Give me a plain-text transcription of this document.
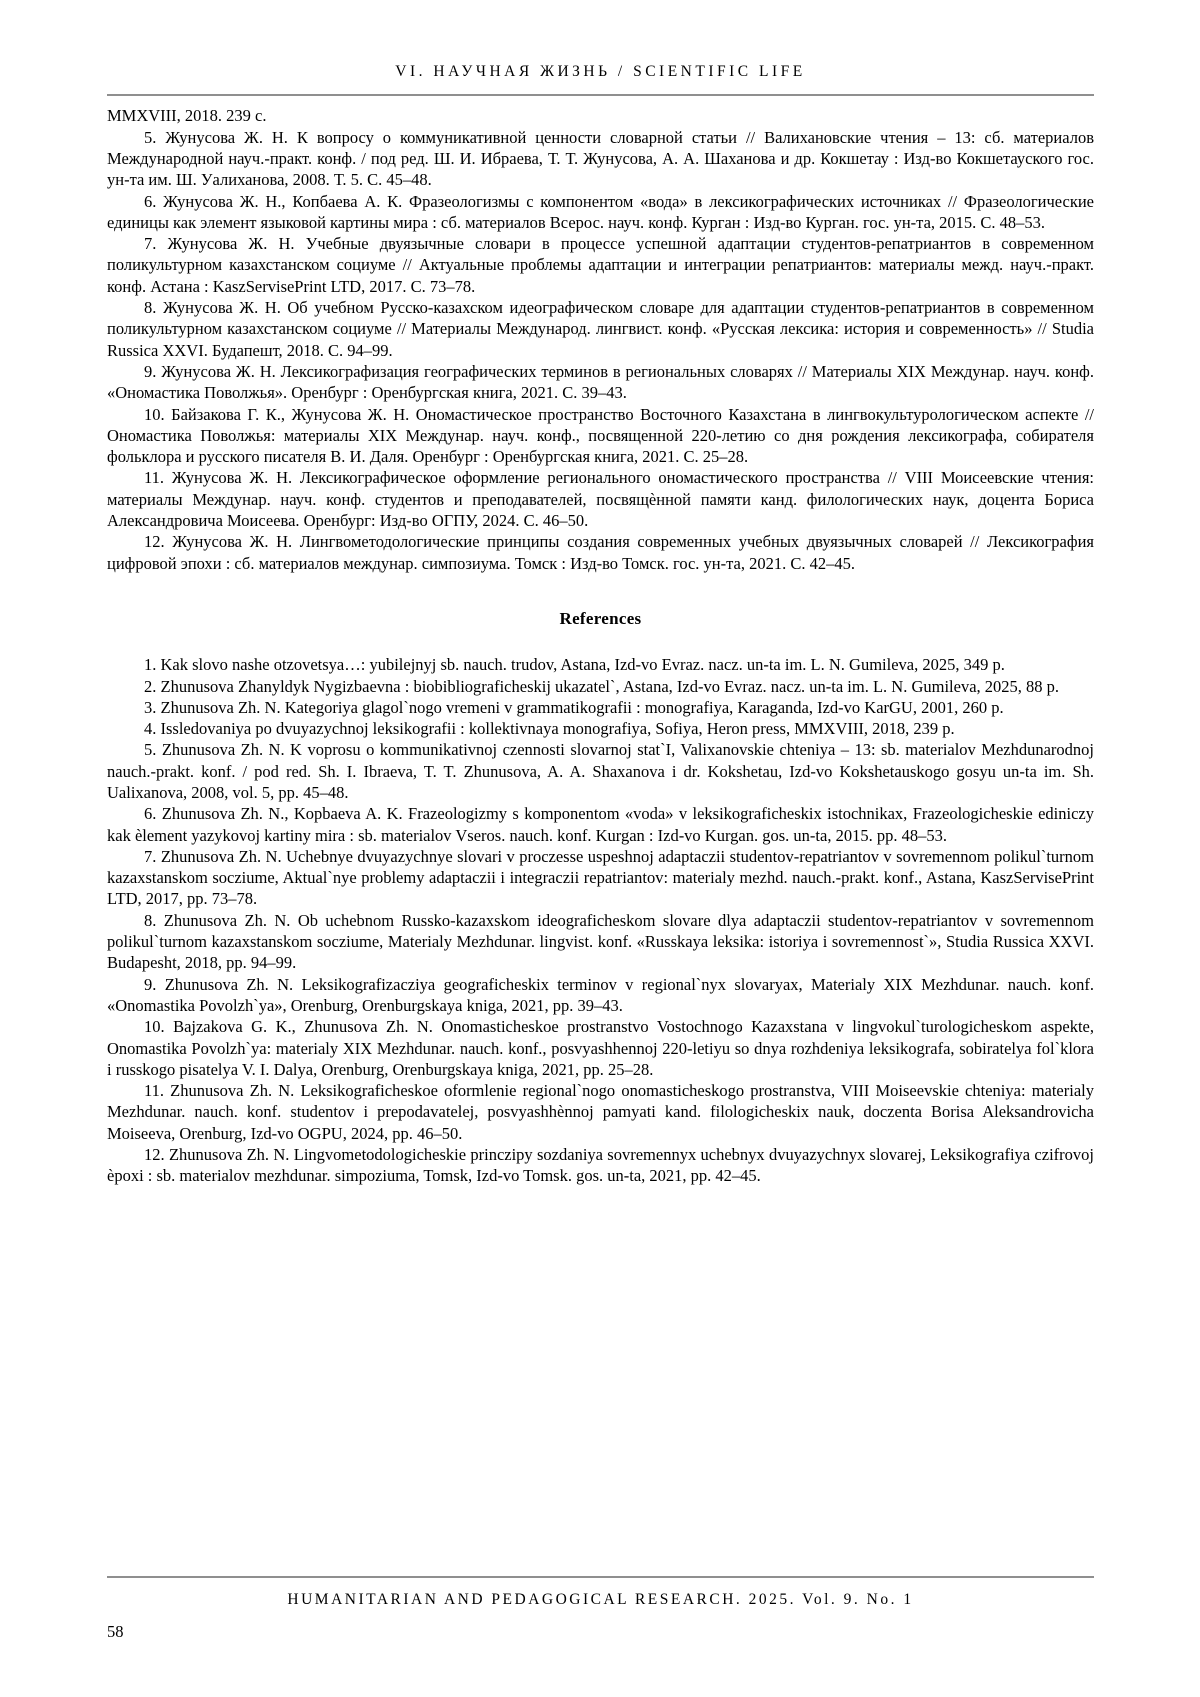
VI. НАУЧНАЯ ЖИЗНЬ / SCIENTIFIC LIFE

MMXVIII, 2018. 239 с.

5. Жунусова Ж. Н. К вопросу о коммуникативной ценности словарной статьи // Валихановские чтения – 13: сб. материалов Международной науч.-практ. конф. / под ред. Ш. И. Ибраева, Т. Т. Жунусова, А. А. Шаханова и др. Кокшетау : Изд-во Кокшетауского гос. ун-та им. Ш. Уалиханова, 2008. Т. 5. С. 45–48.

6. Жунусова Ж. Н., Копбаева А. К. Фразеологизмы с компонентом «вода» в лексикографических источниках // Фразеологические единицы как элемент языковой картины мира : сб. материалов Всерос. науч. конф. Курган : Изд-во Курган. гос. ун-та, 2015. С. 48–53.

7. Жунусова Ж. Н. Учебные двуязычные словари в процессе успешной адаптации студентов-репатриантов в современном поликультурном казахстанском социуме // Актуальные проблемы адаптации и интеграции репатриантов: материалы межд. науч.-практ. конф. Астана : KaszServisePrint LTD, 2017. С. 73–78.

8. Жунусова Ж. Н. Об учебном Русско-казахском идеографическом словаре для адаптации студентов-репатриантов в современном поликультурном казахстанском социуме // Материалы Международ. лингвист. конф. «Русская лексика: история и современность» // Studia Russica XXVI. Будапешт, 2018. С. 94–99.

9. Жунусова Ж. Н. Лексикографизация географических терминов в региональных словарях // Материалы XIX Междунар. науч. конф. «Ономастика Поволжья». Оренбург : Оренбургская книга, 2021. С. 39–43.

10. Байзакова Г. К., Жунусова Ж. Н. Ономастическое пространство Восточного Казахстана в лингвокультурологическом аспекте // Ономастика Поволжья: материалы XIX Междунар. науч. конф., посвященной 220-летию со дня рождения лексикографа, собирателя фольклора и русского писателя В. И. Даля. Оренбург : Оренбургская книга, 2021. С. 25–28.

11. Жунусова Ж. Н. Лексикографическое оформление регионального ономастического пространства // VIII Моисеевские чтения: материалы Междунар. науч. конф. студентов и преподавателей, посвящѐнной памяти канд. филологических наук, доцента Бориса Александровича Моисеева. Оренбург: Изд-во ОГПУ, 2024. С. 46–50.

12. Жунусова Ж. Н. Лингвометодологические принципы создания современных учебных двуязычных словарей // Лексикография цифровой эпохи : сб. материалов междунар. симпозиума. Томск : Изд-во Томск. гос. ун-та, 2021. С. 42–45.

References

1. Kak slovo nashe otzovetsya…: yubilejnyj sb. nauch. trudov, Astana, Izd-vo Evraz. nacz. un-ta im. L. N. Gumileva, 2025, 349 p.

2. Zhunusova Zhanyldyk Nygizbaevna : biobibliograficheskij ukazatel`, Astana, Izd-vo Evraz. nacz. un-ta im. L. N. Gumileva, 2025, 88 p.

3. Zhunusova Zh. N. Kategoriya glagol`nogo vremeni v grammatikografii : monografiya, Karaganda, Izd-vo KarGU, 2001, 260 p.

4. Issledovaniya po dvuyazychnoj leksikografii : kollektivnaya monografiya, Sofiya, Heron press, MMXVIII, 2018, 239 p.

5. Zhunusova Zh. N. K voprosu o kommunikativnoj czennosti slovarnoj stat`I, Valixanovskie chteniya – 13: sb. materialov Mezhdunarodnoj nauch.-prakt. konf. / pod red. Sh. I. Ibraeva, T. T. Zhunusova, A. A. Shaxanova i dr. Kokshetau, Izd-vo Kokshetauskogo gosyu un-ta im. Sh. Ualixanova, 2008, vol. 5, pp. 45–48.

6. Zhunusova Zh. N., Kopbaeva A. K. Frazeologizmy s komponentom «voda» v leksikograficheskix istochnikax, Frazeologicheskie ediniczy kak èlement yazykovoj kartiny mira : sb. materialov Vseros. nauch. konf. Kurgan : Izd-vo Kurgan. gos. un-ta, 2015. pp. 48–53.

7. Zhunusova Zh. N. Uchebnye dvuyazychnye slovari v proczesse uspeshnoj adaptaczii studentov-repatriantov v sovremennom polikul`turnom kazaxstanskom socziume, Aktual`nye problemy adaptaczii i integraczii repatriantov: materialy mezhd. nauch.-prakt. konf., Astana, KaszServisePrint LTD, 2017, pp. 73–78.

8. Zhunusova Zh. N. Ob uchebnom Russko-kazaxskom ideograficheskom slovare dlya adaptaczii studentov-repatriantov v sovremennom polikul`turnom kazaxstanskom socziume, Materialy Mezhdunar. lingvist. konf. «Russkaya leksika: istoriya i sovremennost`», Studia Russica XXVI. Budapesht, 2018, pp. 94–99.

9. Zhunusova Zh. N. Leksikografizacziya geograficheskix terminov v regional`nyx slovaryax, Materialy XIX Mezhdunar. nauch. konf. «Onomastika Povolzh`ya», Orenburg, Orenburgskaya kniga, 2021, pp. 39–43.

10. Bajzakova G. K., Zhunusova Zh. N. Onomasticheskoe prostranstvo Vostochnogo Kazaxstana v lingvokul`turologicheskom aspekte, Onomastika Povolzh`ya: materialy XIX Mezhdunar. nauch. konf., posvyashhennoj 220-letiyu so dnya rozhdeniya leksikografa, sobiratelya fol`klora i russkogo pisatelya V. I. Dalya, Orenburg, Orenburgskaya kniga, 2021, pp. 25–28.

11. Zhunusova Zh. N. Leksikograficheskoe oformlenie regional`nogo onomasticheskogo prostranstva, VIII Moiseevskie chteniya: materialy Mezhdunar. nauch. konf. studentov i prepodavatelej, posvyashhènnoj pamyati kand. filologicheskix nauk, doczenta Borisa Aleksandrovicha Moiseeva, Orenburg, Izd-vo OGPU, 2024, pp. 46–50.

12. Zhunusova Zh. N. Lingvometodologicheskie princzipy sozdaniya sovremennyx uchebnyx dvuyazychnyx slovarej, Leksikografiya czifrovoj èpoxi : sb. materialov mezhdunar. simpoziuma, Tomsk, Izd-vo Tomsk. gos. un-ta, 2021, pp. 42–45.

HUMANITARIAN AND PEDAGOGICAL RESEARCH. 2025. Vol. 9. No. 1
58
